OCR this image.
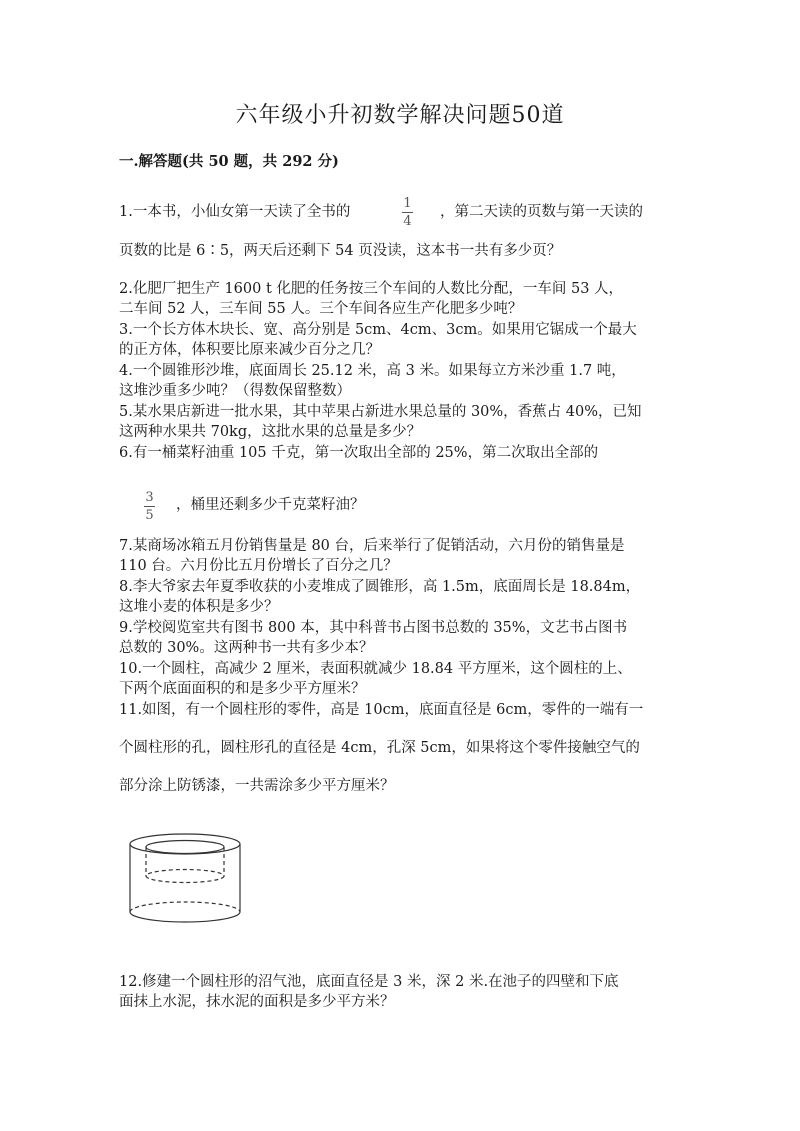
六年级小升初数学解决问题50道
一.解答题(共 50 题，共 292 分)
1.一本书，小仙女第一天读了全书的
1
4
，第二天读的页数与第一天读的
页数的比是 6∶5，两天后还剩下 54 页没读，这本书一共有多少页？
2.化肥厂把生产 1600 t 化肥的任务按三个车间的人数比分配，一车间 53 人，
二车间 52 人，三车间 55 人。三个车间各应生产化肥多少吨？
3.一个长方体木块长、宽、高分别是 5cm、4cm、3cm。如果用它锯成一个最大
的正方体，体积要比原来减少百分之几？
4.一个圆锥形沙堆，底面周长 25.12 米，高 3 米。如果每立方米沙重 1.7 吨，
这堆沙重多少吨？（得数保留整数）
5.某水果店新进一批水果，其中苹果占新进水果总量的 30%，香蕉占 40%，已知
这两种水果共 70kg，这批水果的总量是多少？
6.有一桶菜籽油重 105 千克，第一次取出全部的 25%，第二次取出全部的
3
5
，桶里还剩多少千克菜籽油？
7.某商场冰箱五月份销售量是 80 台，后来举行了促销活动，六月份的销售量是
110 台。六月份比五月份增长了百分之几？
8.李大爷家去年夏季收获的小麦堆成了圆锥形，高 1.5m，底面周长是 18.84m，
这堆小麦的体积是多少？
9.学校阅览室共有图书 800 本，其中科普书占图书总数的 35%，文艺书占图书
总数的 30%。这两种书一共有多少本？
10.一个圆柱，高减少 2 厘米，表面积就减少 18.84 平方厘米，这个圆柱的上、
下两个底面面积的和是多少平方厘米？
11.如图，有一个圆柱形的零件，高是 10cm，底面直径是 6cm，零件的一端有一
个圆柱形的孔，圆柱形孔的直径是 4cm，孔深 5cm，如果将这个零件接触空气的
部分涂上防锈漆，一共需涂多少平方厘米？
12.修建一个圆柱形的沼气池，底面直径是 3 米，深 2 米.在池子的四壁和下底
面抹上水泥，抹水泥的面积是多少平方米？
